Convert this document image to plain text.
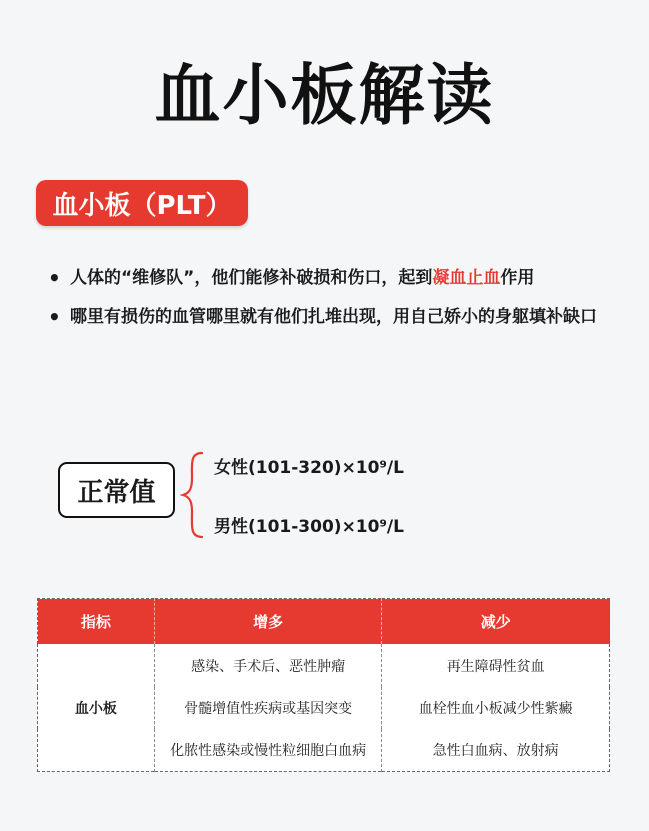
血小板解读
血小板（PLT）
• 人体的“维修队”，他们能修补破损和伤口，起到凝血止血作用
• 哪里有损伤的血管哪里就有他们扎堆出现，用自己娇小的身躯填补缺口
正常值
女性(101-320)×10⁹/L
男性(101-300)×10⁹/L
指标	增多	减少
血小板	感染、手术后、恶性肿瘤	再生障碍性贫血
	骨髓增值性疾病或基因突变	血栓性血小板减少性紫癜
	化脓性感染或慢性粒细胞白血病	急性白血病、放射病
